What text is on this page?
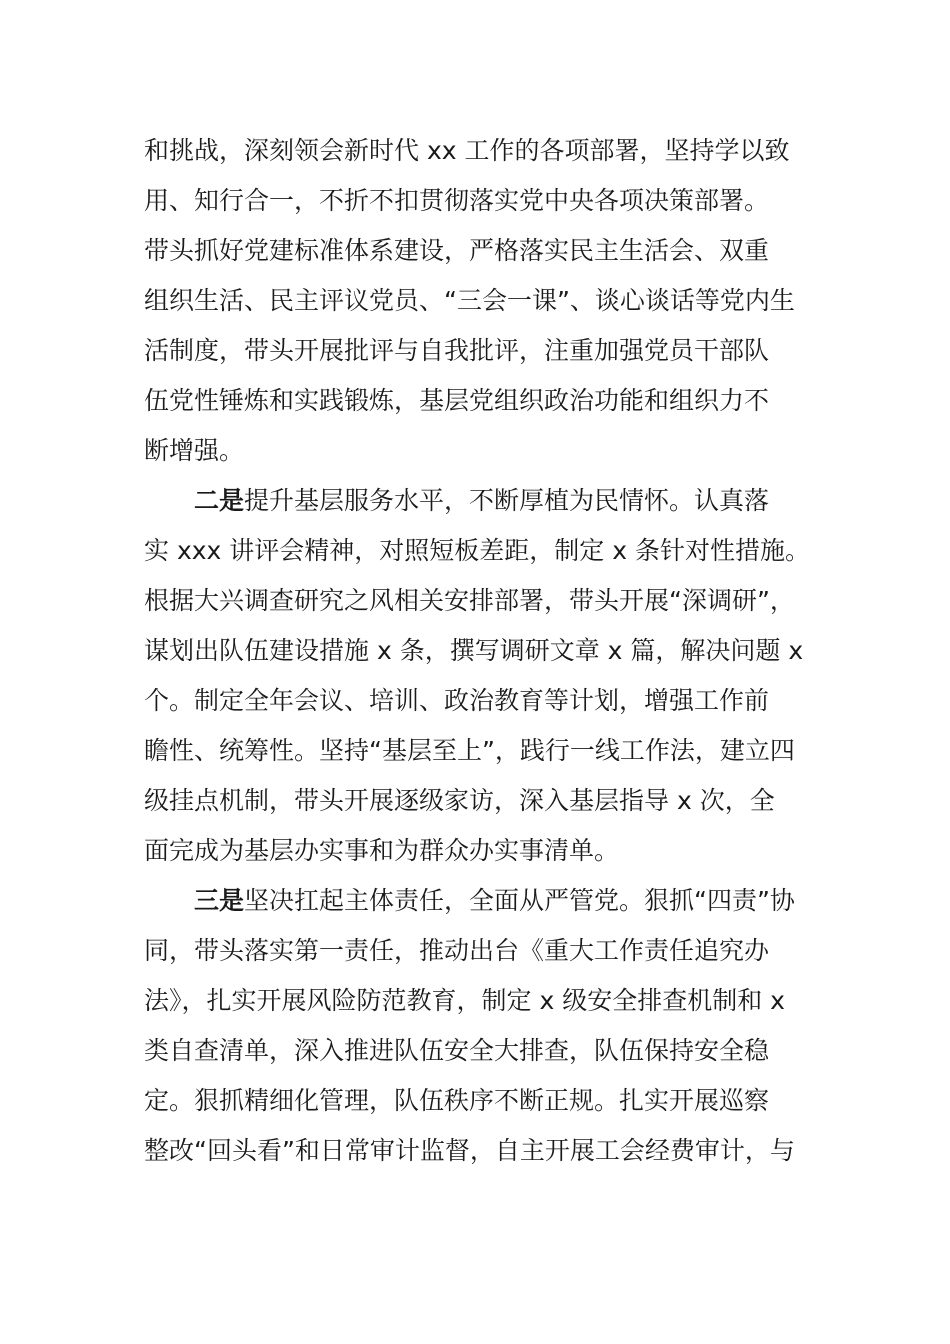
和挑战，深刻领会新时代 xx 工作的各项部署，坚持学以致
用、知行合一，不折不扣贯彻落实党中央各项决策部署。
带头抓好党建标准体系建设，严格落实民主生活会、双重
组织生活、民主评议党员、“三会一课”、谈心谈话等党内生
活制度，带头开展批评与自我批评，注重加强党员干部队
伍党性锤炼和实践锻炼，基层党组织政治功能和组织力不
断增强。
二是提升基层服务水平，不断厚植为民情怀。认真落
实 xxx 讲评会精神，对照短板差距，制定 x 条针对性措施。
根据大兴调查研究之风相关安排部署，带头开展“深调研”，
谋划出队伍建设措施 x 条，撰写调研文章 x 篇，解决问题 x
个。制定全年会议、培训、政治教育等计划，增强工作前
瞻性、统筹性。坚持“基层至上”，践行一线工作法，建立四
级挂点机制，带头开展逐级家访，深入基层指导 x 次，全
面完成为基层办实事和为群众办实事清单。
三是坚决扛起主体责任，全面从严管党。狠抓“四责”协
同，带头落实第一责任，推动出台《重大工作责任追究办
法》，扎实开展风险防范教育，制定 x 级安全排查机制和 x
类自查清单，深入推进队伍安全大排查，队伍保持安全稳
定。狠抓精细化管理，队伍秩序不断正规。扎实开展巡察
整改“回头看”和日常审计监督，自主开展工会经费审计，与
